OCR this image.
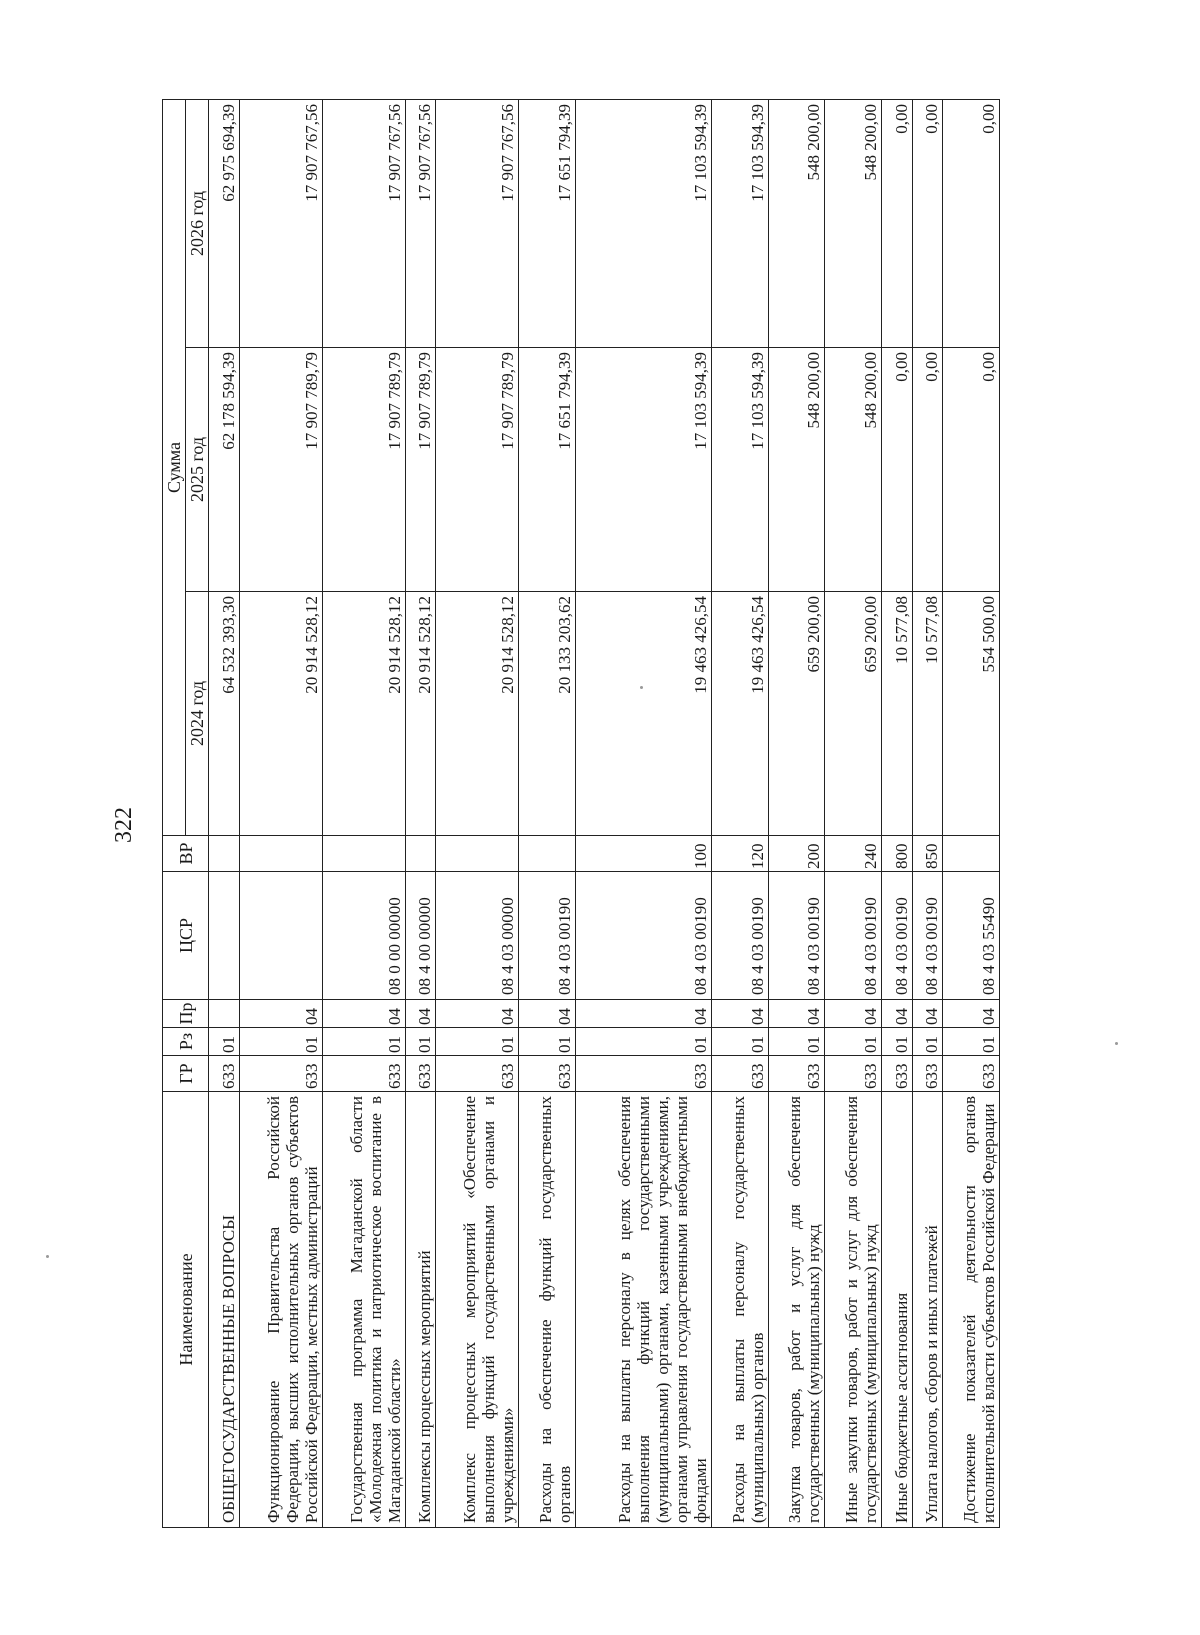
322
Наименование	ГР	Рз	Пр	ЦСР	ВР	Сумма		
						2024 год	2025 год	2026 год
ОБЩЕГОСУДАРСТВЕННЫЕ ВОПРОСЫ	633	01				64 532 393,30	62 178 594,39	62 975 694,39
Функционирование Правительства Российской Федерации, высших исполнительных органов субъектов Российской Федерации, местных администраций	633	01	04			20 914 528,12	17 907 789,79	17 907 767,56
Государственная программа Магаданской области «Молодежная политика и патриотическое воспитание в Магаданской области»	633	01	04	08 0 00 00000		20 914 528,12	17 907 789,79	17 907 767,56
Комплексы процессных мероприятий	633	01	04	08 4 00 00000		20 914 528,12	17 907 789,79	17 907 767,56
Комплекс процессных мероприятий «Обеспечение выполнения функций государственными органами и учреждениями»	633	01	04	08 4 03 00000		20 914 528,12	17 907 789,79	17 907 767,56
Расходы на обеспечение функций государственных органов	633	01	04	08 4 03 00190		20 133 203,62	17 651 794,39	17 651 794,39
Расходы на выплаты персоналу в целях обеспечения выполнения функций государственными (муниципальными) органами, казенными учреждениями, органами управления государственными внебюджетными фондами	633	01	04	08 4 03 00190	100	19 463 426,54	17 103 594,39	17 103 594,39
Расходы на выплаты персоналу государственных (муниципальных) органов	633	01	04	08 4 03 00190	120	19 463 426,54	17 103 594,39	17 103 594,39
Закупка товаров, работ и услуг для обеспечения государственных (муниципальных) нужд	633	01	04	08 4 03 00190	200	659 200,00	548 200,00	548 200,00
Иные закупки товаров, работ и услуг для обеспечения государственных (муниципальных) нужд	633	01	04	08 4 03 00190	240	659 200,00	548 200,00	548 200,00
Иные бюджетные ассигнования	633	01	04	08 4 03 00190	800	10 577,08	0,00	0,00
Уплата налогов, сборов и иных платежей	633	01	04	08 4 03 00190	850	10 577,08	0,00	0,00
Достижение показателей деятельности органов исполнительной власти субъектов Российской Федерации	633	01	04	08 4 03 55490		554 500,00	0,00	0,00
